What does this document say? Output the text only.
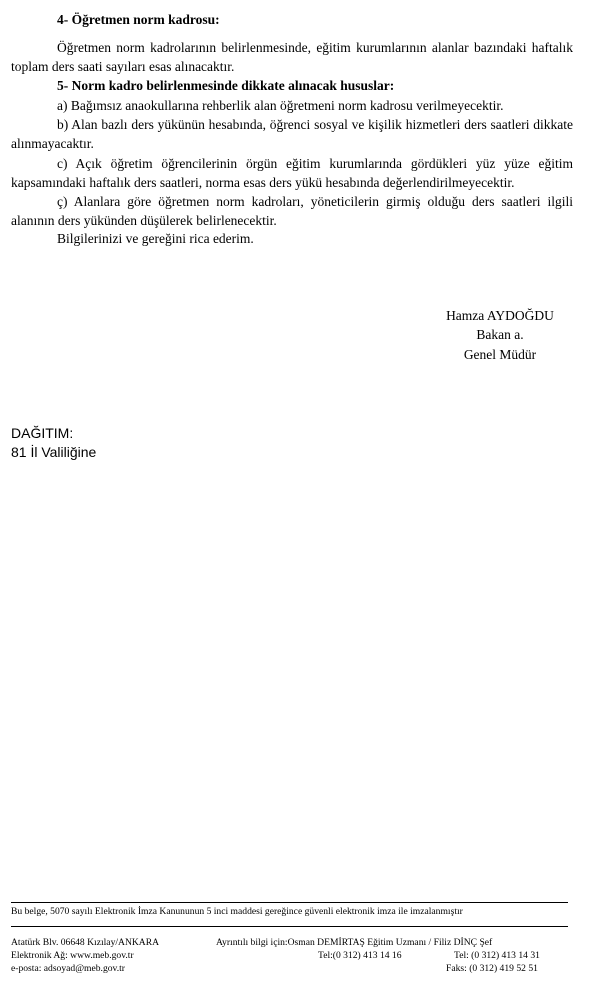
4- Öğretmen norm kadrosu:
Öğretmen norm kadrolarının belirlenmesinde, eğitim kurumlarının alanlar bazındaki haftalık toplam ders saati sayıları esas alınacaktır.
5- Norm kadro belirlenmesinde dikkate alınacak hususlar:
a) Bağımsız anaokullarına rehberlik alan öğretmeni norm kadrosu verilmeyecektir.
b) Alan bazlı ders yükünün hesabında, öğrenci sosyal ve kişilik hizmetleri ders saatleri dikkate alınmayacaktır.
c) Açık öğretim öğrencilerinin örgün eğitim kurumlarında gördükleri yüz yüze eğitim kapsamındaki haftalık ders saatleri, norma esas ders yükü hesabında değerlendirilmeyecektir.
ç) Alanlara göre öğretmen norm kadroları, yöneticilerin girmiş olduğu ders saatleri ilgili alanının ders yükünden düşülerek belirlenecektir.
Bilgilerinizi ve gereğini rica ederim.
Hamza AYDOĞDU
Bakan a.
Genel Müdür
DAĞITIM:
81 İl Valiliğine
Bu belge, 5070 sayılı Elektronik İmza Kanununun 5 inci maddesi gereğince güvenli elektronik imza ile imzalanmıştır
Atatürk Blv. 06648 Kızılay/ANKARA
Elektronik Ağ: www.meb.gov.tr
e-posta: adsoyad@meb.gov.tr
Ayrıntılı bilgi için:Osman DEMİRTAŞ Eğitim Uzmanı / Filiz DİNÇ Şef
Tel:(0 312) 413 14 16	Tel: (0 312) 413 14 31
Faks: (0 312) 419 52 51
